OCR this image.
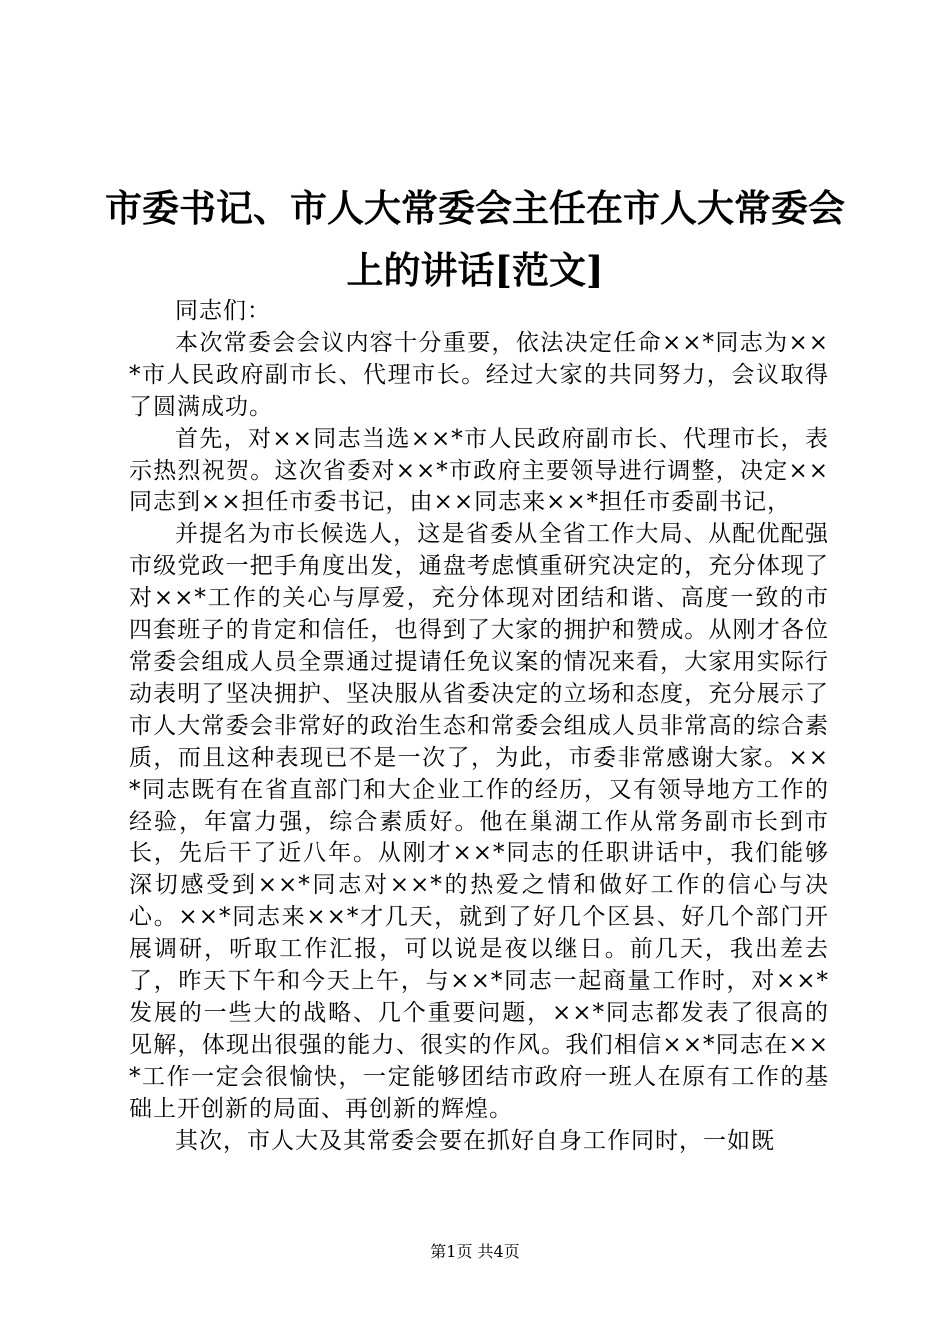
市委书记、市人大常委会主任在市人大常委会
上的讲话[范文]

同志们：

本次常委会会议内容十分重要，依法决定任命××*同志为××*市人民政府副市长、代理市长。经过大家的共同努力，会议取得了圆满成功。

首先，对××同志当选××*市人民政府副市长、代理市长，表示热烈祝贺。这次省委对××*市政府主要领导进行调整，决定××同志到××担任市委书记，由××同志来××*担任市委副书记，

并提名为市长候选人，这是省委从全省工作大局、从配优配强市级党政一把手角度出发，通盘考虑慎重研究决定的，充分体现了对××*工作的关心与厚爱，充分体现对团结和谐、高度一致的市四套班子的肯定和信任，也得到了大家的拥护和赞成。从刚才各位常委会组成人员全票通过提请任免议案的情况来看，大家用实际行动表明了坚决拥护、坚决服从省委决定的立场和态度，充分展示了市人大常委会非常好的政治生态和常委会组成人员非常高的综合素质，而且这种表现已不是一次了，为此，市委非常感谢大家。××*同志既有在省直部门和大企业工作的经历，又有领导地方工作的经验，年富力强，综合素质好。他在巢湖工作从常务副市长到市长，先后干了近八年。从刚才××*同志的任职讲话中，我们能够深切感受到××*同志对××*的热爱之情和做好工作的信心与决心。××*同志来××*才几天，就到了好几个区县、好几个部门开展调研，听取工作汇报，可以说是夜以继日。前几天，我出差去了，昨天下午和今天上午，与××*同志一起商量工作时，对××*发展的一些大的战略、几个重要问题，××*同志都发表了很高的见解，体现出很强的能力、很实的作风。我们相信××*同志在××*工作一定会很愉快，一定能够团结市政府一班人在原有工作的基础上开创新的局面、再创新的辉煌。

其次，市人大及其常委会要在抓好自身工作同时，一如既

第1页 共4页
